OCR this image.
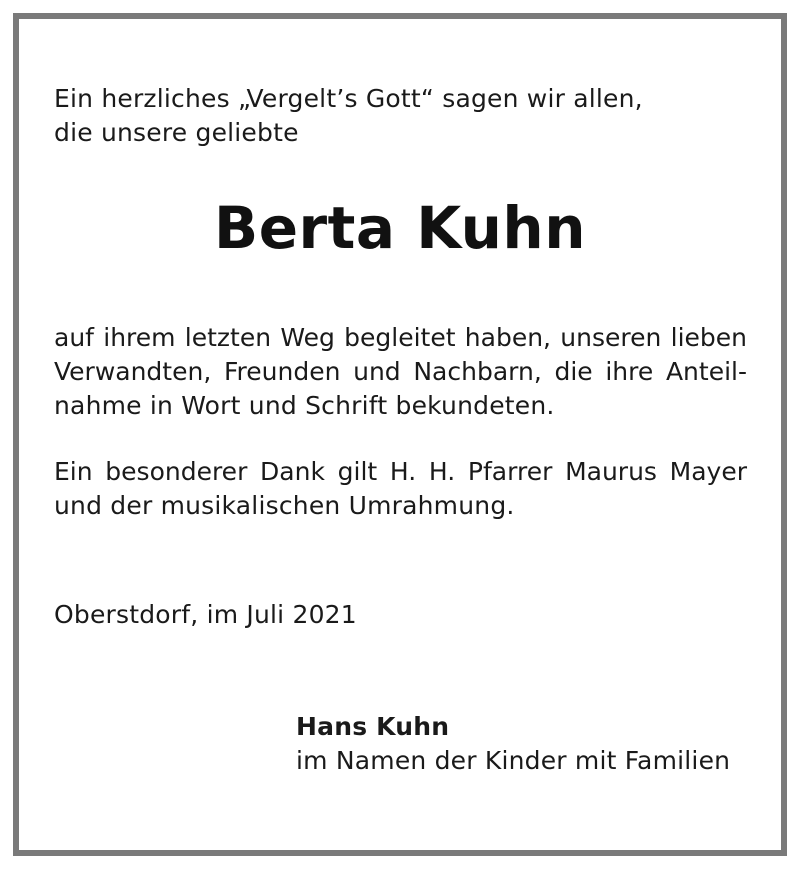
Ein herzliches „Vergelt’s Gott“ sagen wir allen,
die unsere geliebte
Berta Kuhn
auf ihrem letzten Weg begleitet haben, unseren lieben
Verwandten, Freunden und Nachbarn, die ihre Anteil-
nahme in Wort und Schrift bekundeten.
Ein besonderer Dank gilt H. H. Pfarrer Maurus Mayer
und der musikalischen Umrahmung.
Oberstdorf, im Juli 2021
Hans Kuhn
im Namen der Kinder mit Familien
